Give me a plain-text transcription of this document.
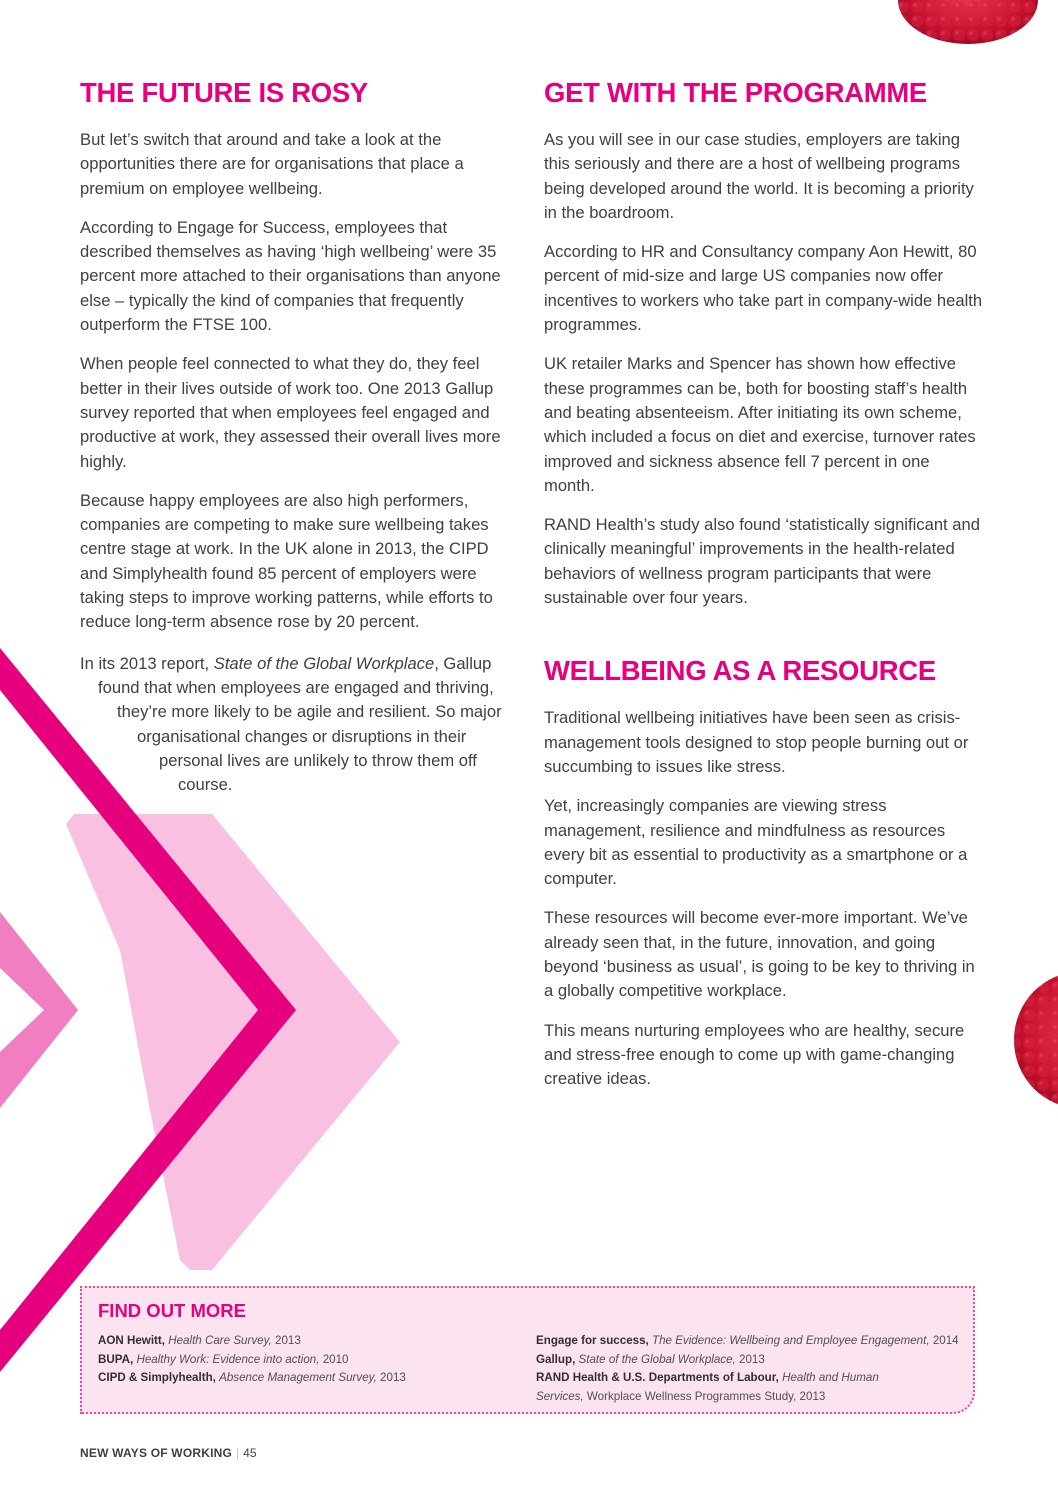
THE FUTURE IS ROSY

But let’s switch that around and take a look at the opportunities there are for organisations that place a premium on employee wellbeing.

According to Engage for Success, employees that described themselves as having ‘high wellbeing’ were 35 percent more attached to their organisations than anyone else – typically the kind of companies that frequently outperform the FTSE 100.

When people feel connected to what they do, they feel better in their lives outside of work too. One 2013 Gallup survey reported that when employees feel engaged and productive at work, they assessed their overall lives more highly.

Because happy employees are also high performers, companies are competing to make sure wellbeing takes centre stage at work. In the UK alone in 2013, the CIPD and Simplyhealth found 85 percent of employers were taking steps to improve working patterns, while efforts to reduce long-term absence rose by 20 percent.

In its 2013 report, State of the Global Workplace, Gallup
found that when employees are engaged and thriving,
they’re more likely to be agile and resilient. So major
organisational changes or disruptions in their
personal lives are unlikely to throw them off
course.

GET WITH THE PROGRAMME

As you will see in our case studies, employers are taking this seriously and there are a host of wellbeing programs being developed around the world. It is becoming a priority in the boardroom.

According to HR and Consultancy company Aon Hewitt, 80 percent of mid-size and large US companies now offer incentives to workers who take part in company-wide health programmes.

UK retailer Marks and Spencer has shown how effective these programmes can be, both for boosting staff’s health and beating absenteeism. After initiating its own scheme, which included a focus on diet and exercise, turnover rates improved and sickness absence fell 7 percent in one month.

RAND Health’s study also found ‘statistically significant and clinically meaningful’ improvements in the health-related behaviors of wellness program participants that were sustainable over four years.

WELLBEING AS A RESOURCE

Traditional wellbeing initiatives have been seen as crisis-management tools designed to stop people burning out or succumbing to issues like stress.

Yet, increasingly companies are viewing stress management, resilience and mindfulness as resources every bit as essential to productivity as a smartphone or a computer.

These resources will become ever-more important. We’ve already seen that, in the future, innovation, and going beyond ‘business as usual’, is going to be key to thriving in a globally competitive workplace.

This means nurturing employees who are healthy, secure and stress-free enough to come up with game-changing creative ideas.

FIND OUT MORE
AON Hewitt, Health Care Survey, 2013
BUPA, Healthy Work: Evidence into action, 2010
CIPD & Simplyhealth, Absence Management Survey, 2013
Engage for success, The Evidence: Wellbeing and Employee Engagement, 2014
Gallup, State of the Global Workplace, 2013
RAND Health & U.S. Departments of Labour, Health and Human Services, Workplace Wellness Programmes Study, 2013
NEW WAYS OF WORKING | 45
